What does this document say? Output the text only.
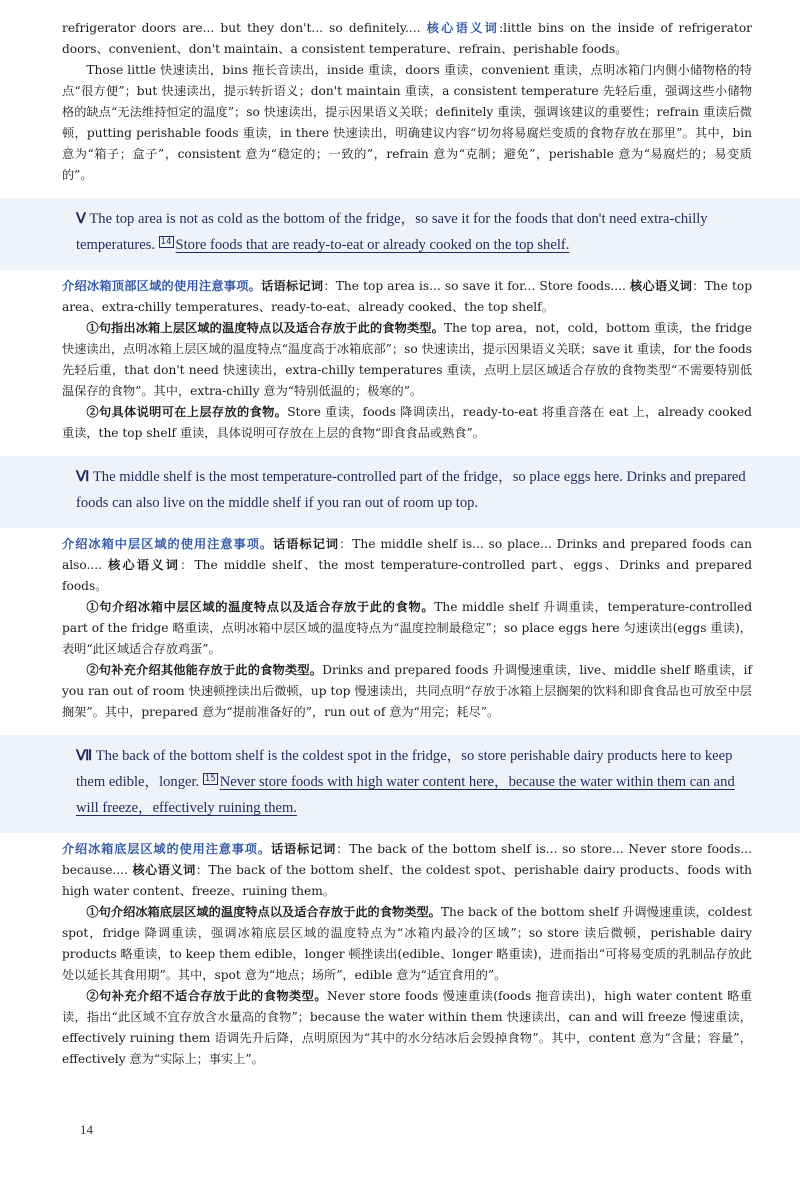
refrigerator doors are... but they don't... so definitely.... 核心语义词:little bins on the inside of refrigerator doors、convenient、don't maintain、a consistent temperature、refrain、perishable foods。

Those little 快速读出，bins 拖长音读出，inside 重读，doors 重读，convenient 重读，点明冰箱门内侧小储物格的特点“很方便”；but 快速读出，提示转折语义；don't maintain 重读，a consistent temperature 先轻后重，强调这些小储物格的缺点“无法维持恒定的温度”；so 快速读出，提示因果语义关联；definitely 重读，强调该建议的重要性；refrain 重读后微顿，putting perishable foods 重读，in there 快速读出，明确建议内容“切勿将易腐烂变质的食物存放在那里”。其中，bin 意为“箱子；盒子”，consistent 意为“稳定的；一致的”，refrain 意为“克制；避免”，perishable 意为“易腐烂的；易变质的”。

Ⅴ The top area is not as cold as the bottom of the fridge，so save it for the foods that don't need extra-chilly temperatures. 14 Store foods that are ready-to-eat or already cooked on the top shelf.

介绍冰箱顶部区域的使用注意事项。话语标记词：The top area is... so save it for... Store foods.... 核心语义词：The top area、extra-chilly temperatures、ready-to-eat、already cooked、the top shelf。

①句指出冰箱上层区域的温度特点以及适合存放于此的食物类型。The top area，not，cold，bottom 重读，the fridge 快速读出，点明冰箱上层区域的温度特点“温度高于冰箱底部”；so 快速读出，提示因果语义关联；save it 重读，for the foods 先轻后重，that don't need 快速读出，extra-chilly temperatures 重读，点明上层区域适合存放的食物类型“不需要特别低温保存的食物”。其中，extra-chilly 意为“特别低温的；极寒的”。

②句具体说明可在上层存放的食物。Store 重读，foods 降调读出，ready-to-eat 将重音落在 eat 上，already cooked 重读，the top shelf 重读，具体说明可存放在上层的食物“即食食品或熟食”。

Ⅵ The middle shelf is the most temperature-controlled part of the fridge，so place eggs here. Drinks and prepared foods can also live on the middle shelf if you ran out of room up top.

介绍冰箱中层区域的使用注意事项。话语标记词：The middle shelf is... so place... Drinks and prepared foods can also.... 核心语义词：The middle shelf、the most temperature-controlled part、eggs、Drinks and prepared foods。

①句介绍冰箱中层区域的温度特点以及适合存放于此的食物。The middle shelf 升调重读，temperature-controlled part of the fridge 略重读，点明冰箱中层区域的温度特点为“温度控制最稳定”；so place eggs here 匀速读出(eggs 重读)，表明“此区域适合存放鸡蛋”。

②句补充介绍其他能存放于此的食物类型。Drinks and prepared foods 升调慢速重读，live、middle shelf 略重读，if you ran out of room 快速顿挫读出后微顿，up top 慢速读出，共同点明“存放于冰箱上层搁架的饮料和即食食品也可放至中层搁架”。其中，prepared 意为“提前准备好的”，run out of 意为“用完；耗尽”。

Ⅶ The back of the bottom shelf is the coldest spot in the fridge，so store perishable dairy products here to keep them edible，longer. 15 Never store foods with high water content here，because the water within them can and will freeze，effectively ruining them.

介绍冰箱底层区域的使用注意事项。话语标记词：The back of the bottom shelf is... so store... Never store foods... because.... 核心语义词：The back of the bottom shelf、the coldest spot、perishable dairy products、foods with high water content、freeze、ruining them。

①句介绍冰箱底层区域的温度特点以及适合存放于此的食物类型。The back of the bottom shelf 升调慢速重读，coldest spot，fridge 降调重读，强调冰箱底层区域的温度特点为“冰箱内最冷的区域”；so store 读后微顿，perishable dairy products 略重读，to keep them edible，longer 顿挫读出(edible、longer 略重读)，进而指出“可将易变质的乳制品存放此处以延长其食用期”。其中，spot 意为“地点；场所”，edible 意为“适宜食用的”。

②句补充介绍不适合存放于此的食物类型。Never store foods 慢速重读(foods 拖音读出)，high water content 略重读，指出“此区域不宜存放含水量高的食物”；because the water within them 快速读出，can and will freeze 慢速重读，effectively ruining them 语调先升后降，点明原因为“其中的水分结冰后会毁掉食物”。其中，content 意为“含量；容量”，effectively 意为“实际上；事实上”。

14
